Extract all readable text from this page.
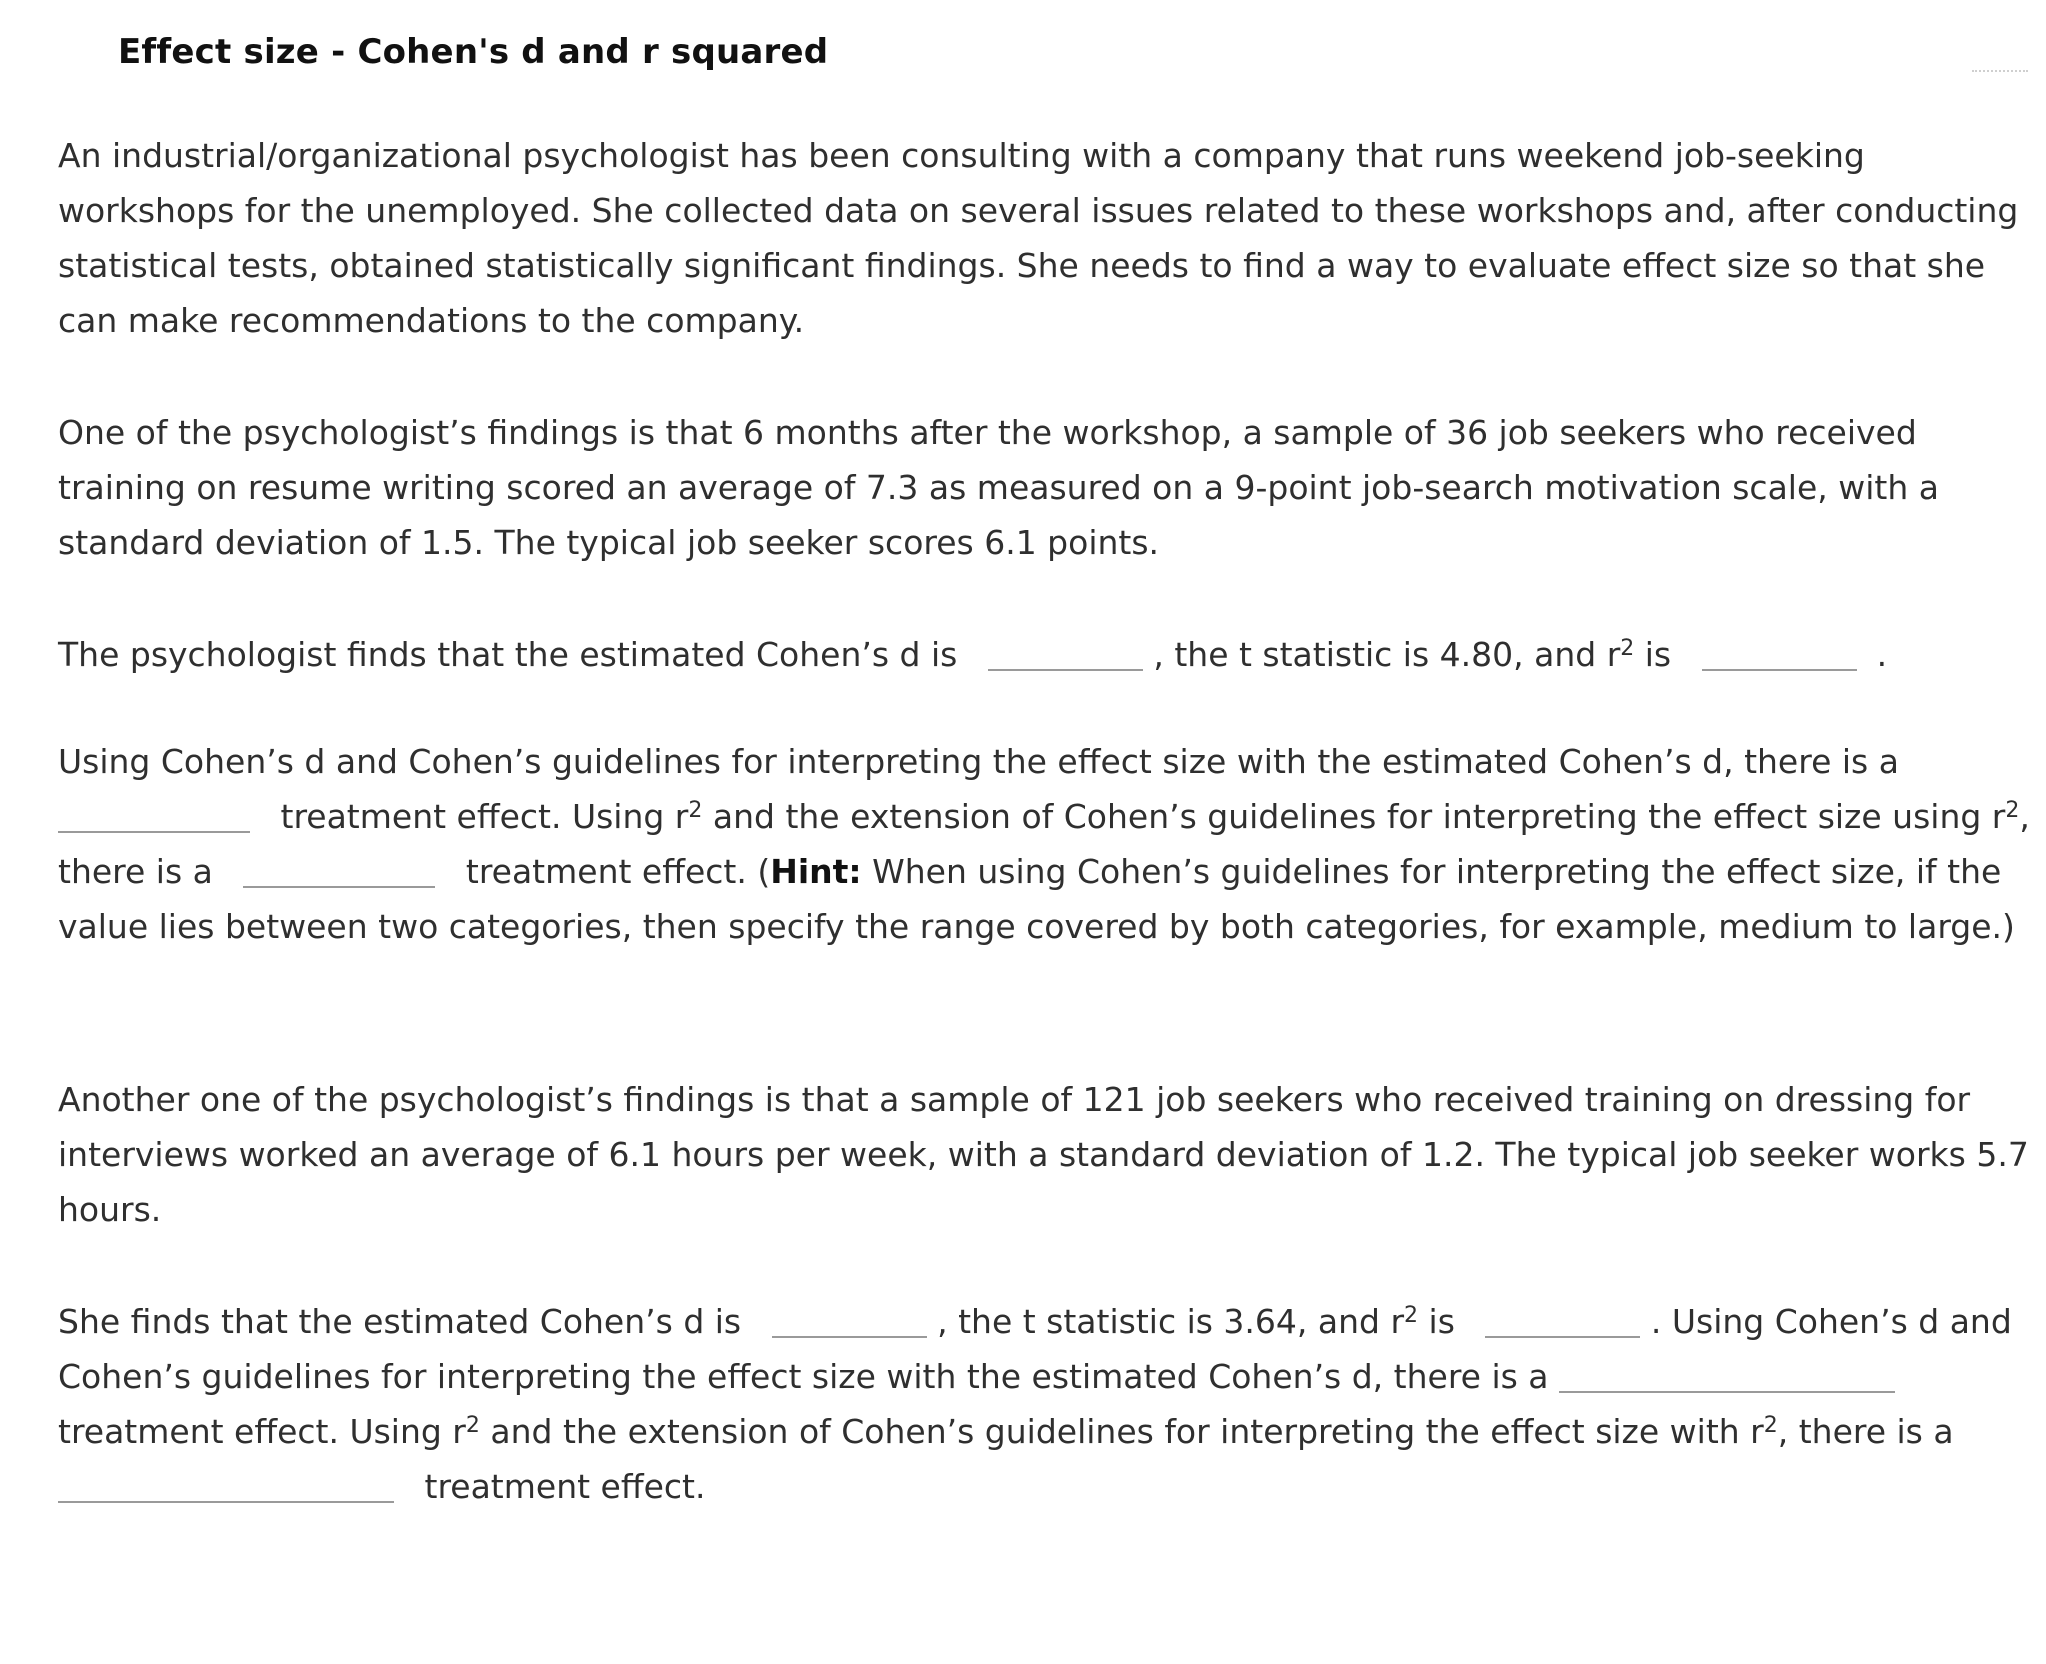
Effect size - Cohen's d and r squared

An industrial/organizational psychologist has been consulting with a company that runs weekend job-seeking workshops for the unemployed. She collected data on several issues related to these workshops and, after conducting statistical tests, obtained statistically significant findings. She needs to find a way to evaluate effect size so that she can make recommendations to the company.

One of the psychologist’s findings is that 6 months after the workshop, a sample of 36 job seekers who received training on resume writing scored an average of 7.3 as measured on a 9-point job-search motivation scale, with a standard deviation of 1.5. The typical job seeker scores 6.1 points.

The psychologist finds that the estimated Cohen’s d is	, the t statistic is 4.80, and $r^2$ is	.

Using Cohen’s d and Cohen’s guidelines for interpreting the effect size with the estimated Cohen’s d, there is a  treatment effect. Using $r^2$ and the extension of Cohen’s guidelines for interpreting the effect size using $r^2$, there is a	treatment effect. (Hint: When using Cohen’s guidelines for interpreting the effect size, if the value lies between two categories, then specify the range covered by both categories, for example, medium to large.)

Another one of the psychologist’s findings is that a sample of 121 job seekers who received training on dressing for interviews worked an average of 6.1 hours per week, with a standard deviation of 1.2. The typical job seeker works 5.7 hours.

She finds that the estimated Cohen’s d is	, the t statistic is 3.64, and $r^2$ is	. Using Cohen’s d and Cohen’s guidelines for interpreting the effect size with the estimated Cohen’s d, there is a  treatment effect. Using $r^2$ and the extension of Cohen’s guidelines for interpreting the effect size with $r^2$, there is a  treatment effect.
